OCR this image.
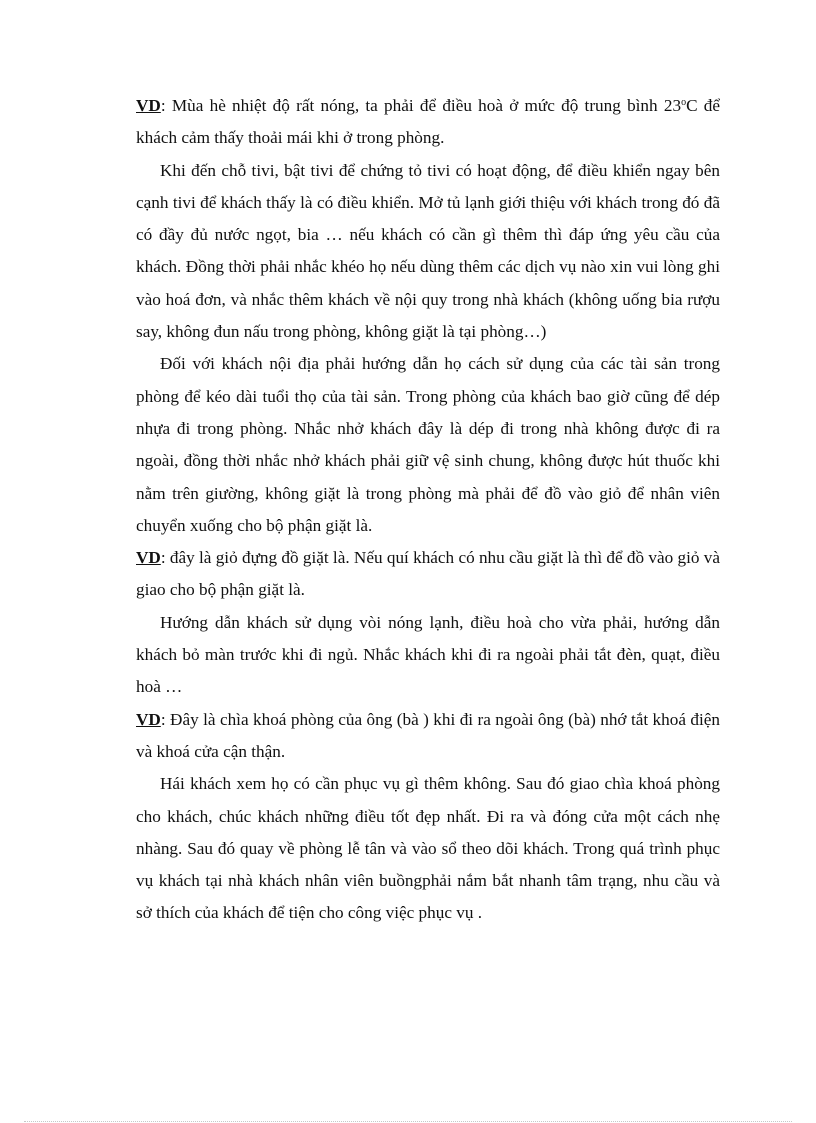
VD: Mùa hè nhiệt độ rất nóng, ta phải để điều hoà ở mức độ trung bình 23$^o$C để khách cảm thấy thoải mái khi ở trong phòng.

Khi đến chỗ tivi, bật tivi để chứng tỏ tivi có hoạt động, để điều khiển ngay bên cạnh tivi để khách thấy là có điều khiển. Mở tủ lạnh giới thiệu với khách trong đó đã có đầy đủ nước ngọt, bia … nếu khách có cần gì thêm thì đáp ứng yêu cầu của khách. Đồng thời phải nhắc khéo họ nếu dùng thêm các dịch vụ nào xin vui lòng ghi vào hoá đơn, và nhắc thêm khách về nội quy trong nhà khách (không uống bia rượu say, không đun nấu trong phòng, không giặt là tại phòng…)

Đối với khách nội địa phải hướng dẫn họ cách sử dụng của các tài sản trong phòng để kéo dài tuổi thọ của tài sản. Trong phòng của khách bao giờ cũng để dép nhựa đi trong phòng. Nhắc nhở khách đây là dép đi trong nhà không được đi ra ngoài, đồng thời nhắc nhở khách phải giữ vệ sinh chung, không được hút thuốc khi nằm trên giường, không giặt là trong phòng mà phải để đồ vào giỏ để nhân viên chuyển xuống cho bộ phận giặt là.

VD: đây là giỏ đựng đồ giặt là. Nếu quí khách có nhu cầu giặt là thì để đồ vào giỏ và giao cho bộ phận giặt là.

Hướng dẫn khách sử dụng vòi nóng lạnh, điều hoà cho vừa phải, hướng dẫn khách bỏ màn trước khi đi ngủ. Nhắc khách khi đi ra ngoài phải tắt đèn, quạt, điều hoà …

VD: Đây là chìa khoá phòng của ông (bà ) khi đi ra ngoài ông (bà) nhớ tắt khoá điện và khoá cửa cận thận.

Hái khách xem họ có cần phục vụ gì thêm không. Sau đó giao chìa khoá phòng cho khách, chúc khách những điều tốt đẹp nhất. Đi ra và đóng cửa một cách nhẹ nhàng. Sau đó quay về phòng lễ tân và vào sổ theo dõi khách. Trong quá trình phục vụ khách tại nhà khách nhân viên buồngphải nắm bắt nhanh tâm trạng, nhu cầu và sở thích của khách để tiện cho công việc phục vụ .
